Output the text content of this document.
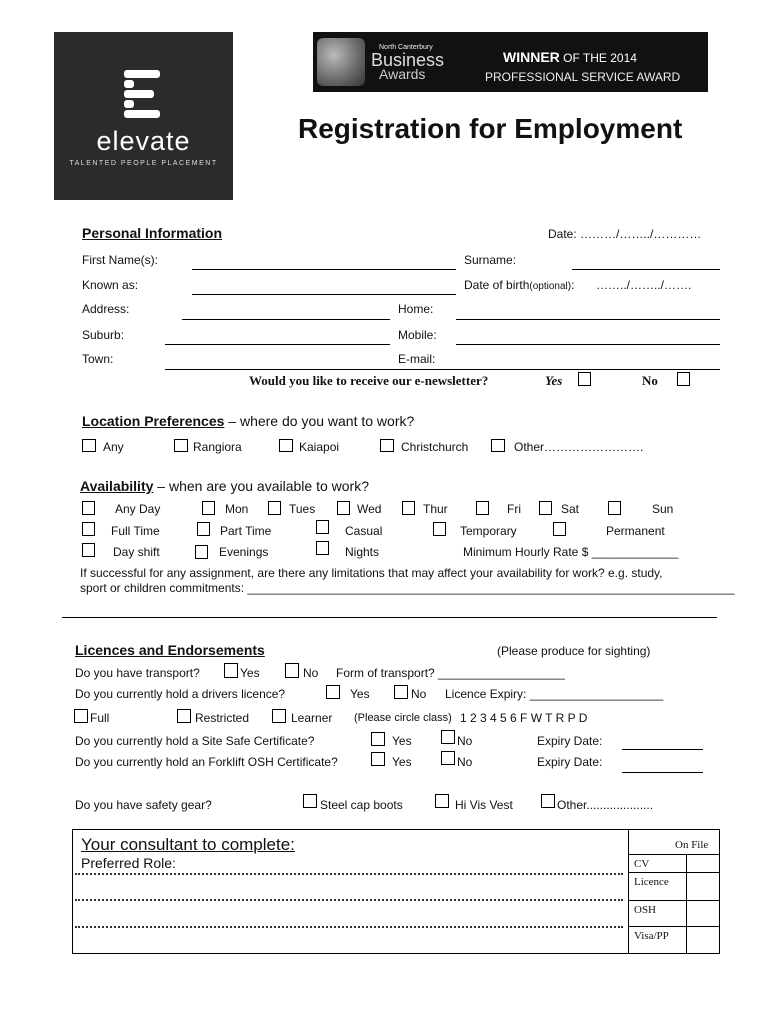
elevate
TALENTED PEOPLE PLACEMENT
North Canterbury
Business
Awards
WINNER OF THE 2014
PROFESSIONAL SERVICE AWARD
Registration for Employment
Personal Information	Date: ………/……../…………
First Name(s):	Surname:
Known as:	Date of birth(optional): ……../……../…….
Address:	Home:
Suburb:	Mobile:
Town:	E-mail:
Would you like to receive our e-newsletter?	Yes	No
Location Preferences – where do you want to work?
Any	Rangiora	Kaiapoi	Christchurch	Other…………………….
Availability – when are you available to work?
Any Day	Mon	Tues	Wed	Thur	Fri	Sat	Sun
Full Time	Part Time	Casual	Temporary	Permanent
Day shift	Evenings	Nights	Minimum Hourly Rate $ _____________
If successful for any assignment, are there any limitations that may affect your availability for work? e.g. study,
sport or children commitments: _________________________________________________________________________
Licences and Endorsements	(Please produce for sighting)
Do you have transport?	Yes	No Form of transport? ___________________
Do you currently hold a drivers licence?	Yes	No Licence Expiry: ____________________
Full	Restricted	Learner (Please circle class) 1 2 3 4 5 6 F W T R P D
Do you currently hold a Site Safe Certificate?	Yes	No	Expiry Date:
Do you currently hold an Forklift OSH Certificate?	Yes	No	Expiry Date:
Do you have safety gear?	Steel cap boots	Hi Vis Vest	Other....................
Your consultant to complete:
Preferred Role:
On File
CV
Licence
OSH
Visa/PP
